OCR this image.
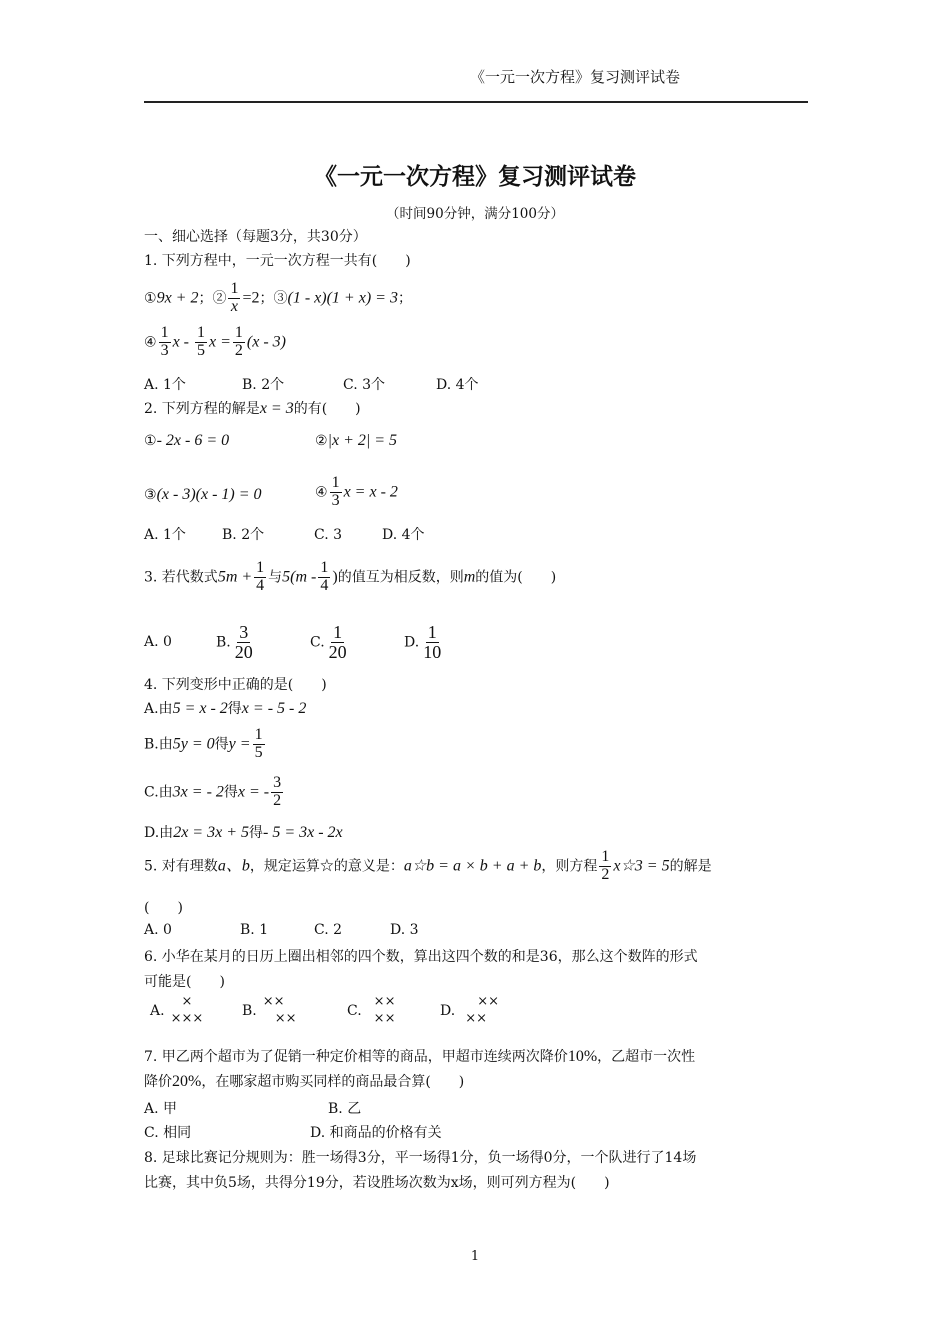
《一元一次方程》复习测评试卷
《一元一次方程》复习测评试卷
（时间90分钟，满分100分）
一、细心选择（每题3分，共30分）
1. 下列方程中，一元一次方程一共有(　　)
①9x + 2；② $\frac{1}{x} =2$；③(1 - x)(1 + x) = 3；
④ $\frac{1}{3}$ x - $\frac{1}{5}$ $x = \frac{1}{2} (x - 3)$
A. 1个	B. 2个	C. 3个	D. 4个
2. 下列方程的解是x = 3的有(　　)
①- 2x - 6 = 0	②|x + 2| = 5
③(x - 3)(x - 1) = 0	④ $\frac{1}{3}$ x = x - 2
A. 1个	B. 2个	C. 3	D. 4个
3. 若代数式$5m + \frac{1}{4}$ 与$5(m - \frac{1}{4}$ )的值互为相反数，则m的值为(　　)
A. 0	B. $\frac{3}{20}$	C. $\frac{1}{20}$	D. $\frac{1}{10}$
4. 下列变形中正确的是(　　)
A.由5 = x - 2得x = - 5 - 2
B.由5y = 0得$y = \frac{1}{5}$
C.由3x = - 2得x = - $\frac{3}{2}$
D.由2x = 3x + 5得- 5 = 3x - 2x
5. 对有理数a、b，规定运算☆的意义是：a☆b = a × b + a + b，则方程 $\frac{1}{2}$ x☆3 = 5的解是
(　　)
A. 0	B. 1	C. 2	D. 3
6. 小华在某月的日历上圈出相邻的四个数，算出这四个数的和是36，那么这个数阵的形式
可能是(　　)
A.
×
×××	B.
××
××	C.
××
××	D.
××
××
7. 甲乙两个超市为了促销一种定价相等的商品，甲超市连续两次降价10%，乙超市一次性
降价20%，在哪家超市购买同样的商品最合算(　　)
A. 甲	B. 乙
C. 相同	D. 和商品的价格有关
8. 足球比赛记分规则为：胜一场得3分，平一场得1分，负一场得0分，一个队进行了14场
比赛，其中负5场，共得分19分，若设胜场次数为x场，则可列方程为(　　)
1
